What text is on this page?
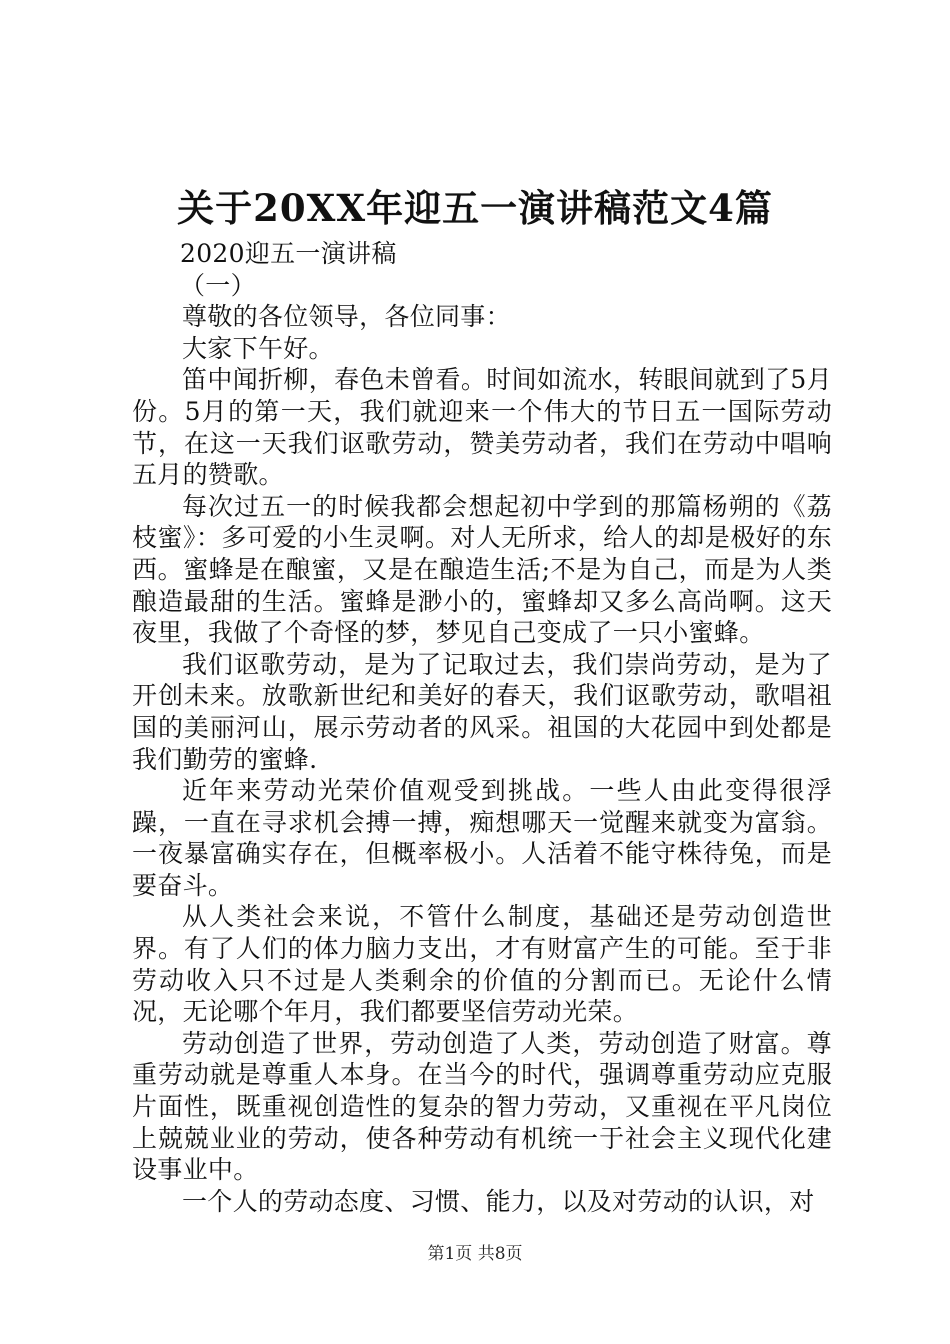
关于20XX年迎五一演讲稿范文4篇

2020迎五一演讲稿

（一）

尊敬的各位领导，各位同事：

大家下午好。

笛中闻折柳，春色未曾看。时间如流水，转眼间就到了5月份。5月的第一天，我们就迎来一个伟大的节日五一国际劳动节，在这一天我们讴歌劳动，赞美劳动者，我们在劳动中唱响五月的赞歌。

每次过五一的时候我都会想起初中学到的那篇杨朔的《荔枝蜜》：多可爱的小生灵啊。对人无所求，给人的却是极好的东西。蜜蜂是在酿蜜，又是在酿造生活;不是为自己，而是为人类酿造最甜的生活。蜜蜂是渺小的，蜜蜂却又多么高尚啊。这天夜里，我做了个奇怪的梦，梦见自己变成了一只小蜜蜂。

我们讴歌劳动，是为了记取过去，我们崇尚劳动，是为了开创未来。放歌新世纪和美好的春天，我们讴歌劳动，歌唱祖国的美丽河山，展示劳动者的风采。祖国的大花园中到处都是我们勤劳的蜜蜂.

近年来劳动光荣价值观受到挑战。一些人由此变得很浮躁，一直在寻求机会搏一搏，痴想哪天一觉醒来就变为富翁。一夜暴富确实存在，但概率极小。人活着不能守株待兔，而是要奋斗。

从人类社会来说，不管什么制度，基础还是劳动创造世界。有了人们的体力脑力支出，才有财富产生的可能。至于非劳动收入只不过是人类剩余的价值的分割而已。无论什么情况，无论哪个年月，我们都要坚信劳动光荣。

劳动创造了世界，劳动创造了人类，劳动创造了财富。尊重劳动就是尊重人本身。在当今的时代，强调尊重劳动应克服片面性，既重视创造性的复杂的智力劳动，又重视在平凡岗位上兢兢业业的劳动，使各种劳动有机统一于社会主义现代化建设事业中。

一个人的劳动态度、习惯、能力，以及对劳动的认识，对

第1页 共8页
